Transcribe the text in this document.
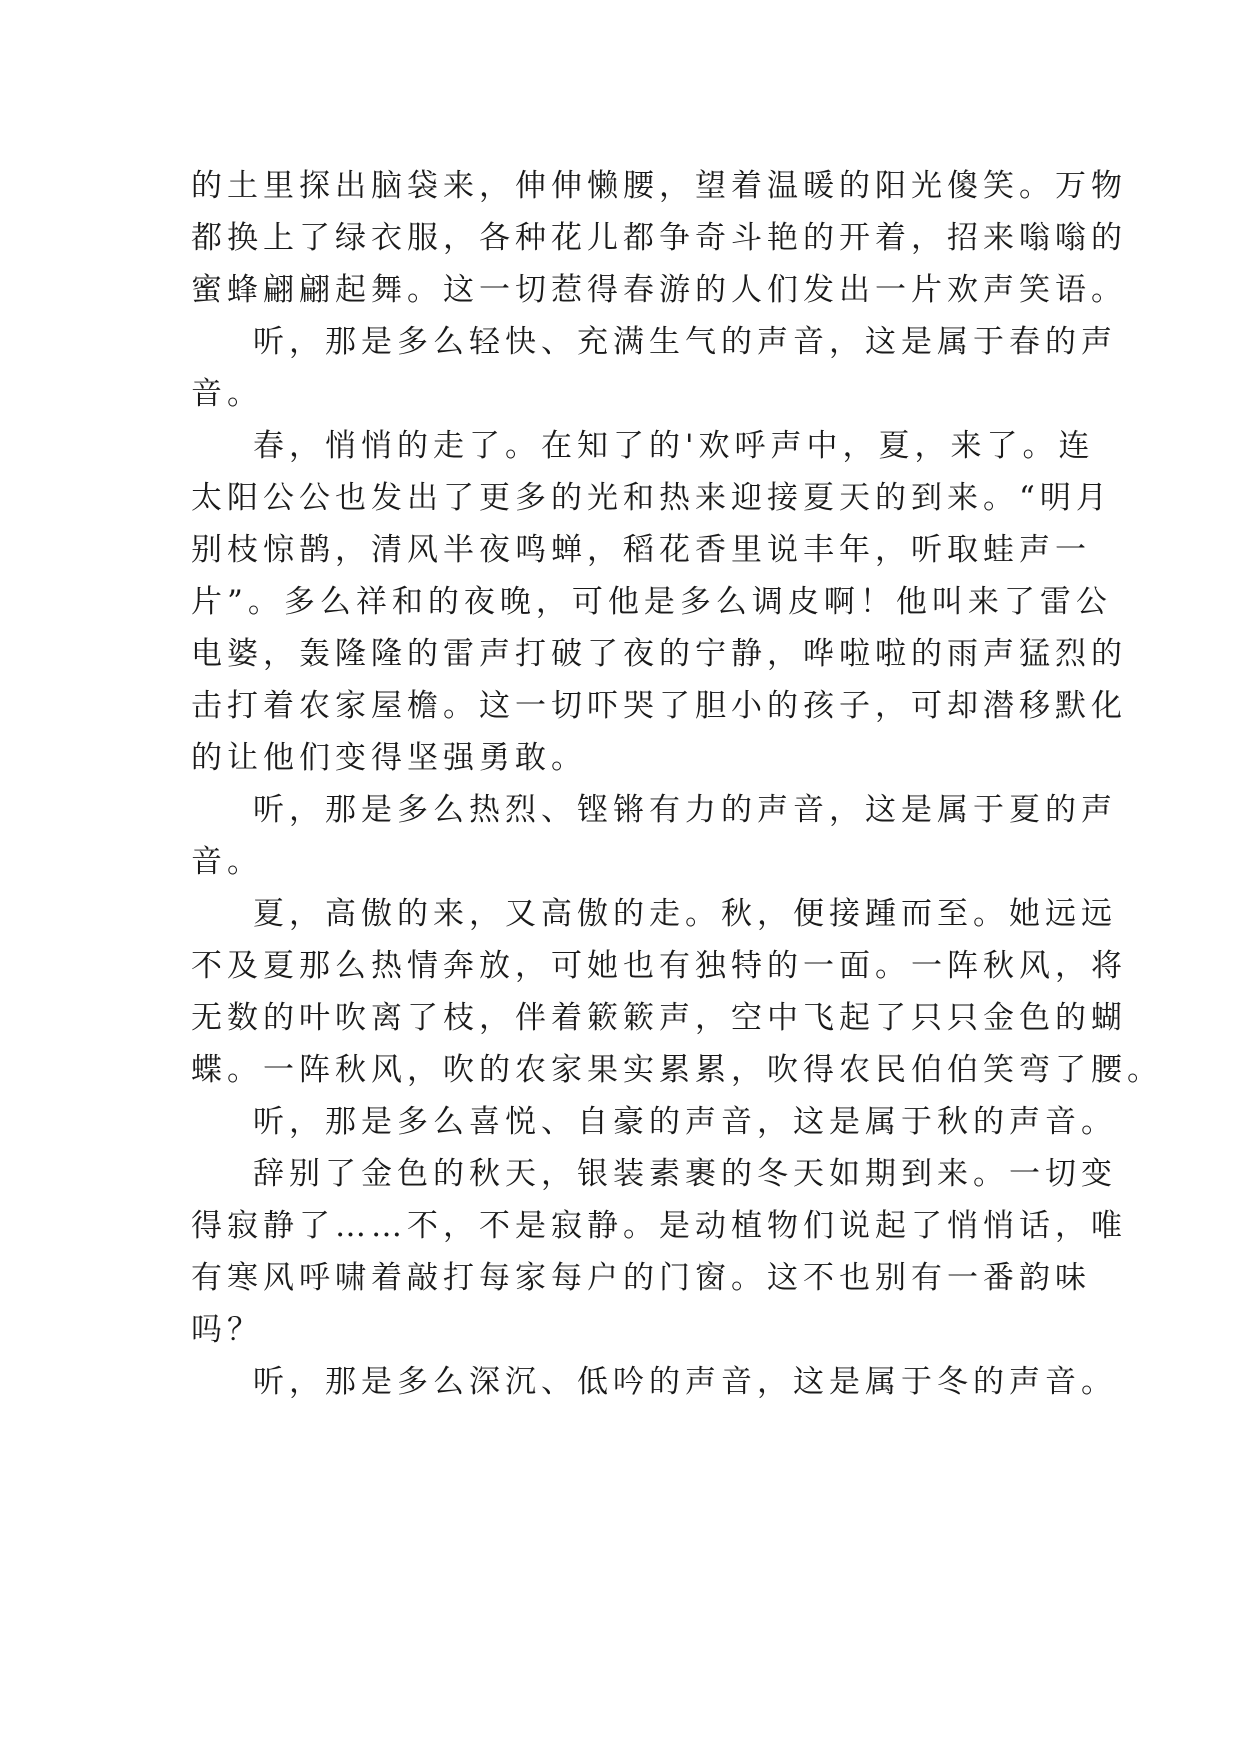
的土里探出脑袋来，伸伸懒腰，望着温暖的阳光傻笑。万物
都换上了绿衣服，各种花儿都争奇斗艳的开着，招来嗡嗡的
蜜蜂翩翩起舞。这一切惹得春游的人们发出一片欢声笑语。
听，那是多么轻快、充满生气的声音，这是属于春的声
音。
春，悄悄的走了。在知了的'欢呼声中，夏，来了。连
太阳公公也发出了更多的光和热来迎接夏天的到来。“明月
别枝惊鹊，清风半夜鸣蝉，稻花香里说丰年，听取蛙声一
片”。多么祥和的夜晚，可他是多么调皮啊！他叫来了雷公
电婆，轰隆隆的雷声打破了夜的宁静，哗啦啦的雨声猛烈的
击打着农家屋檐。这一切吓哭了胆小的孩子，可却潜移默化
的让他们变得坚强勇敢。
听，那是多么热烈、铿锵有力的声音，这是属于夏的声
音。
夏，高傲的来，又高傲的走。秋，便接踵而至。她远远
不及夏那么热情奔放，可她也有独特的一面。一阵秋风，将
无数的叶吹离了枝，伴着簌簌声，空中飞起了只只金色的蝴
蝶。一阵秋风，吹的农家果实累累，吹得农民伯伯笑弯了腰。
听，那是多么喜悦、自豪的声音，这是属于秋的声音。
辞别了金色的秋天，银装素裹的冬天如期到来。一切变
得寂静了……不，不是寂静。是动植物们说起了悄悄话，唯
有寒风呼啸着敲打每家每户的门窗。这不也别有一番韵味
吗？
听，那是多么深沉、低吟的声音，这是属于冬的声音。
